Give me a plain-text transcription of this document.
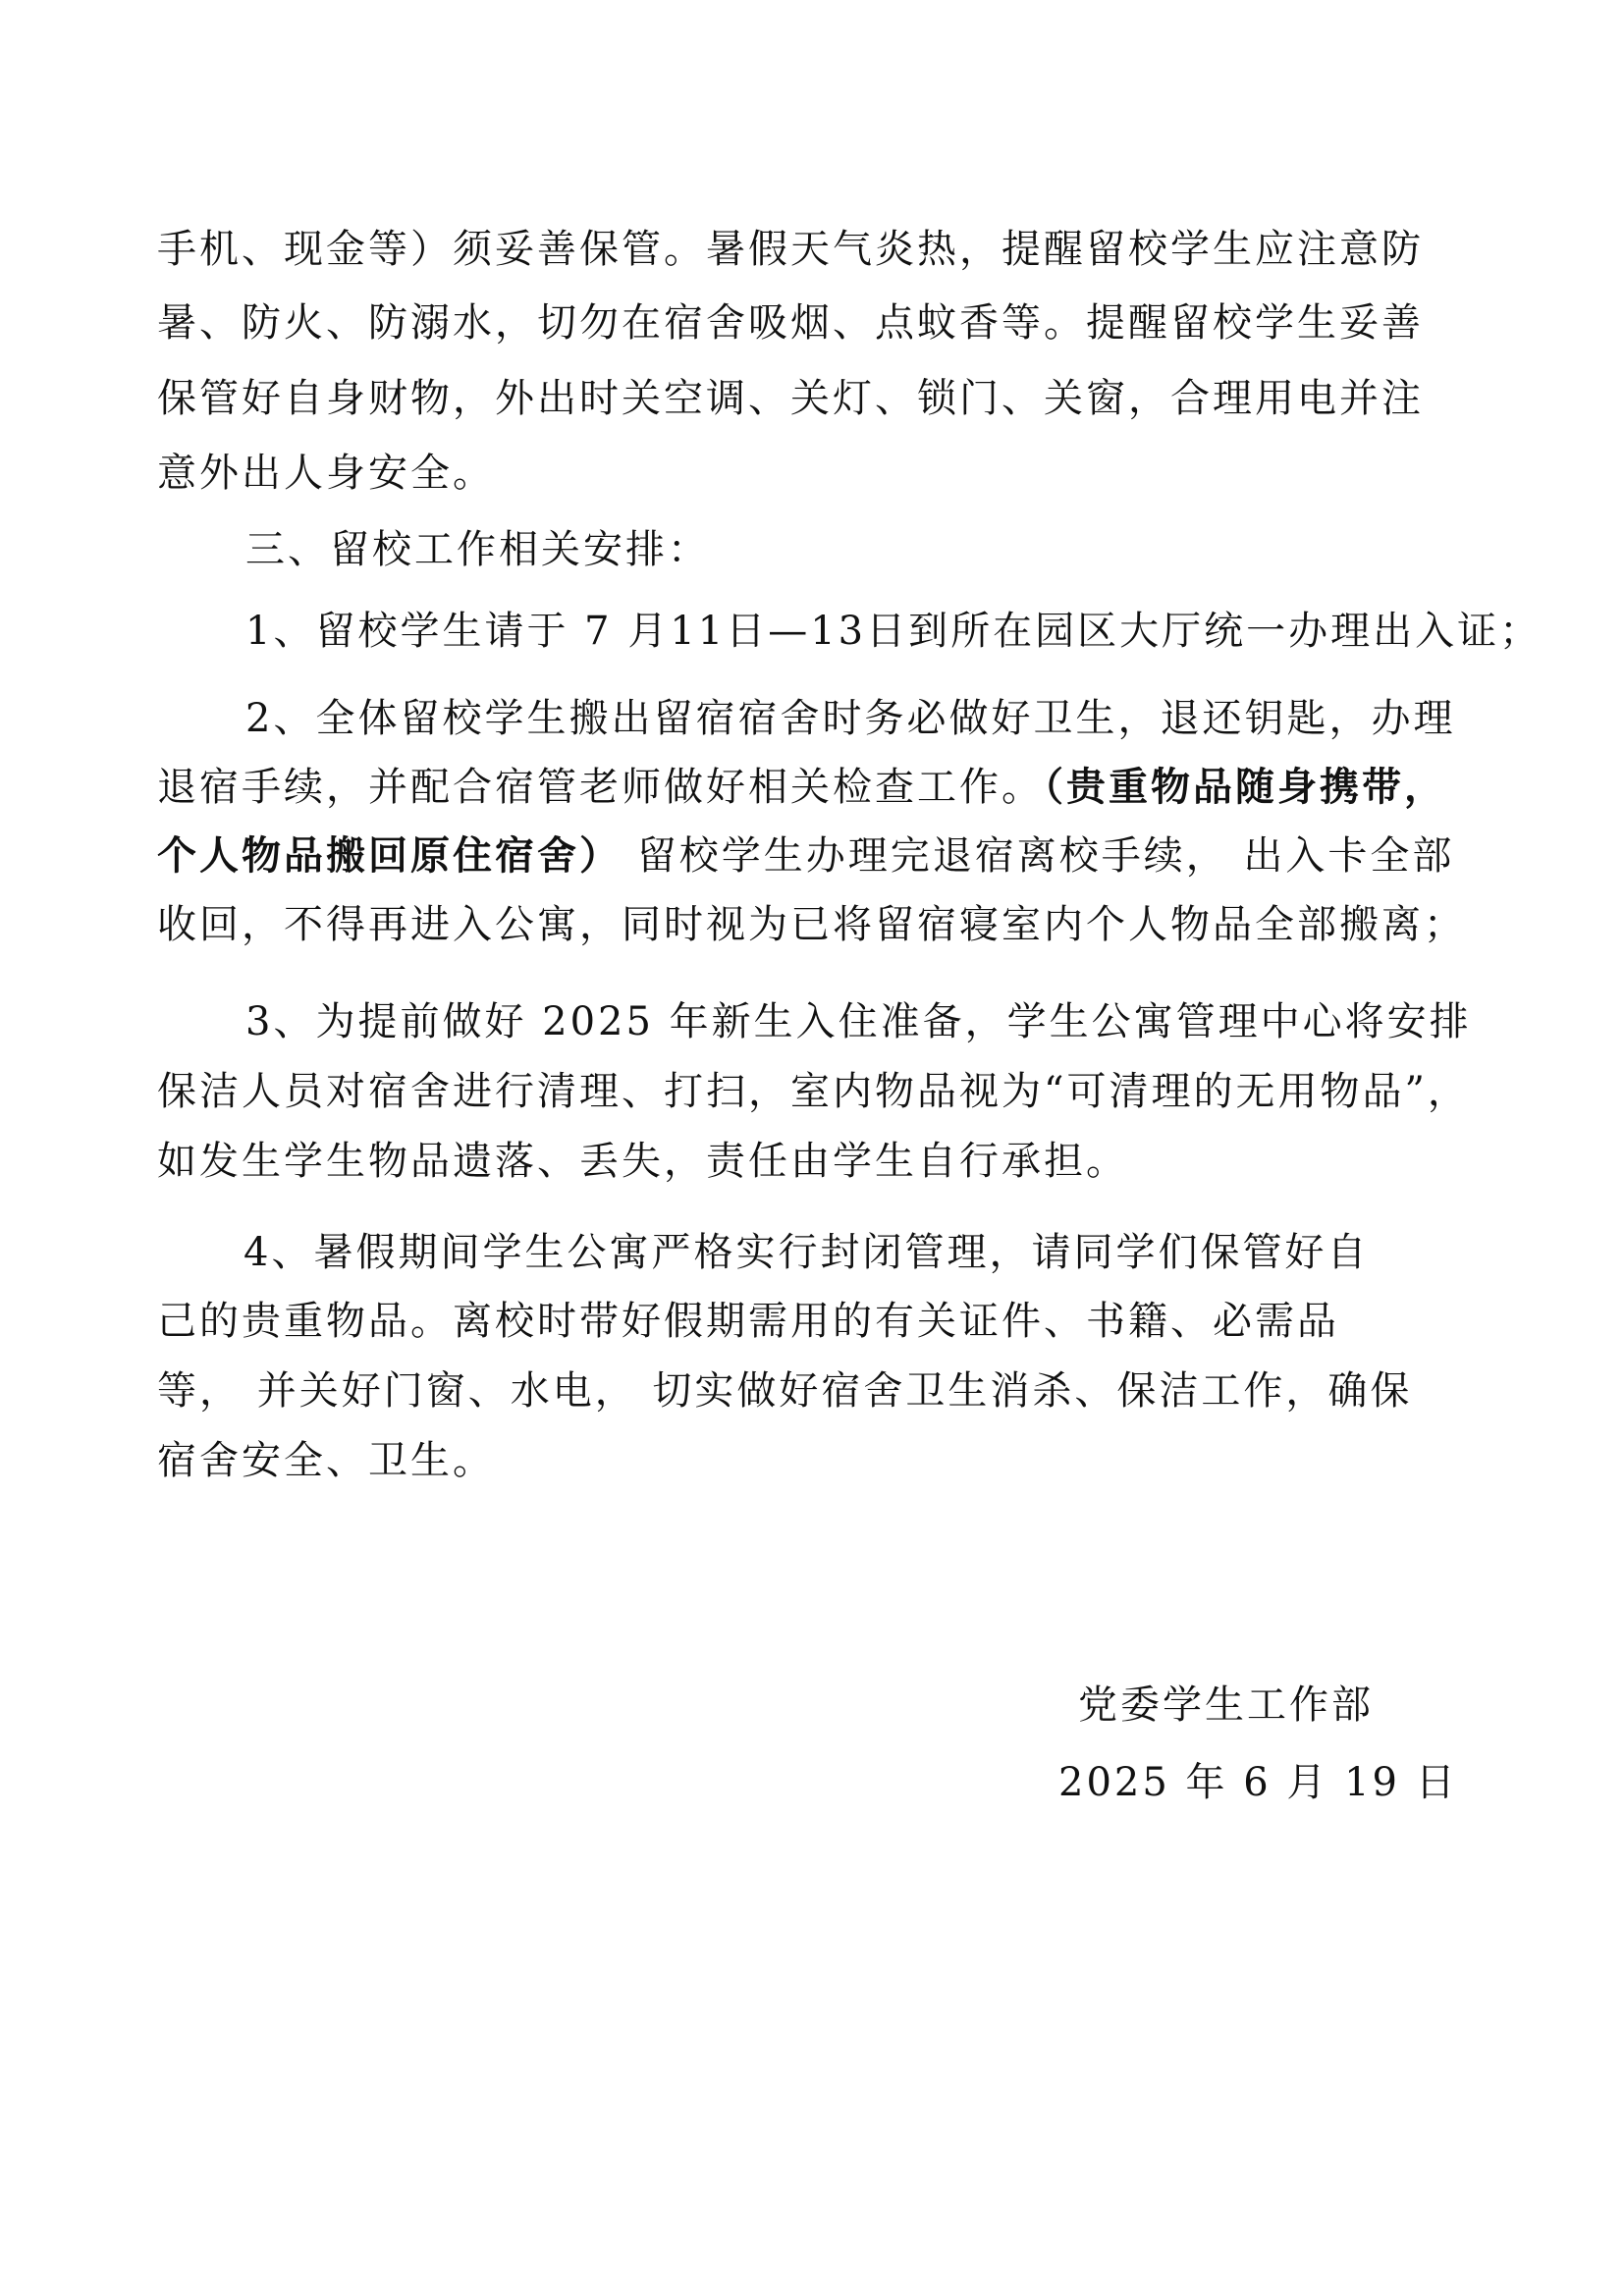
手机、现金等）须妥善保管。暑假天气炎热，提醒留校学生应注意防
暑、防火、防溺水，切勿在宿舍吸烟、点蚊香等。提醒留校学生妥善
保管好自身财物，外出时关空调、关灯、锁门、关窗，合理用电并注
意外出人身安全。
三、留校工作相关安排：
1、留校学生请于 7 月11日—13日到所在园区大厅统一办理出入证；
2、全体留校学生搬出留宿宿舍时务必做好卫生，退还钥匙，办理
退宿手续，并配合宿管老师做好相关检查工作。（贵重物品随身携带，
个人物品搬回原住宿舍） 留校学生办理完退宿离校手续， 出入卡全部
收回，不得再进入公寓，同时视为已将留宿寝室内个人物品全部搬离；
3、为提前做好 2025 年新生入住准备，学生公寓管理中心将安排
保洁人员对宿舍进行清理、打扫，室内物品视为“可清理的无用物品”，
如发生学生物品遗落、丢失，责任由学生自行承担。
4、暑假期间学生公寓严格实行封闭管理，请同学们保管好自
己的贵重物品。离校时带好假期需用的有关证件、书籍、必需品
等， 并关好门窗、水电， 切实做好宿舍卫生消杀、保洁工作，确保
宿舍安全、卫生。
党委学生工作部
2025 年 6 月 19 日
